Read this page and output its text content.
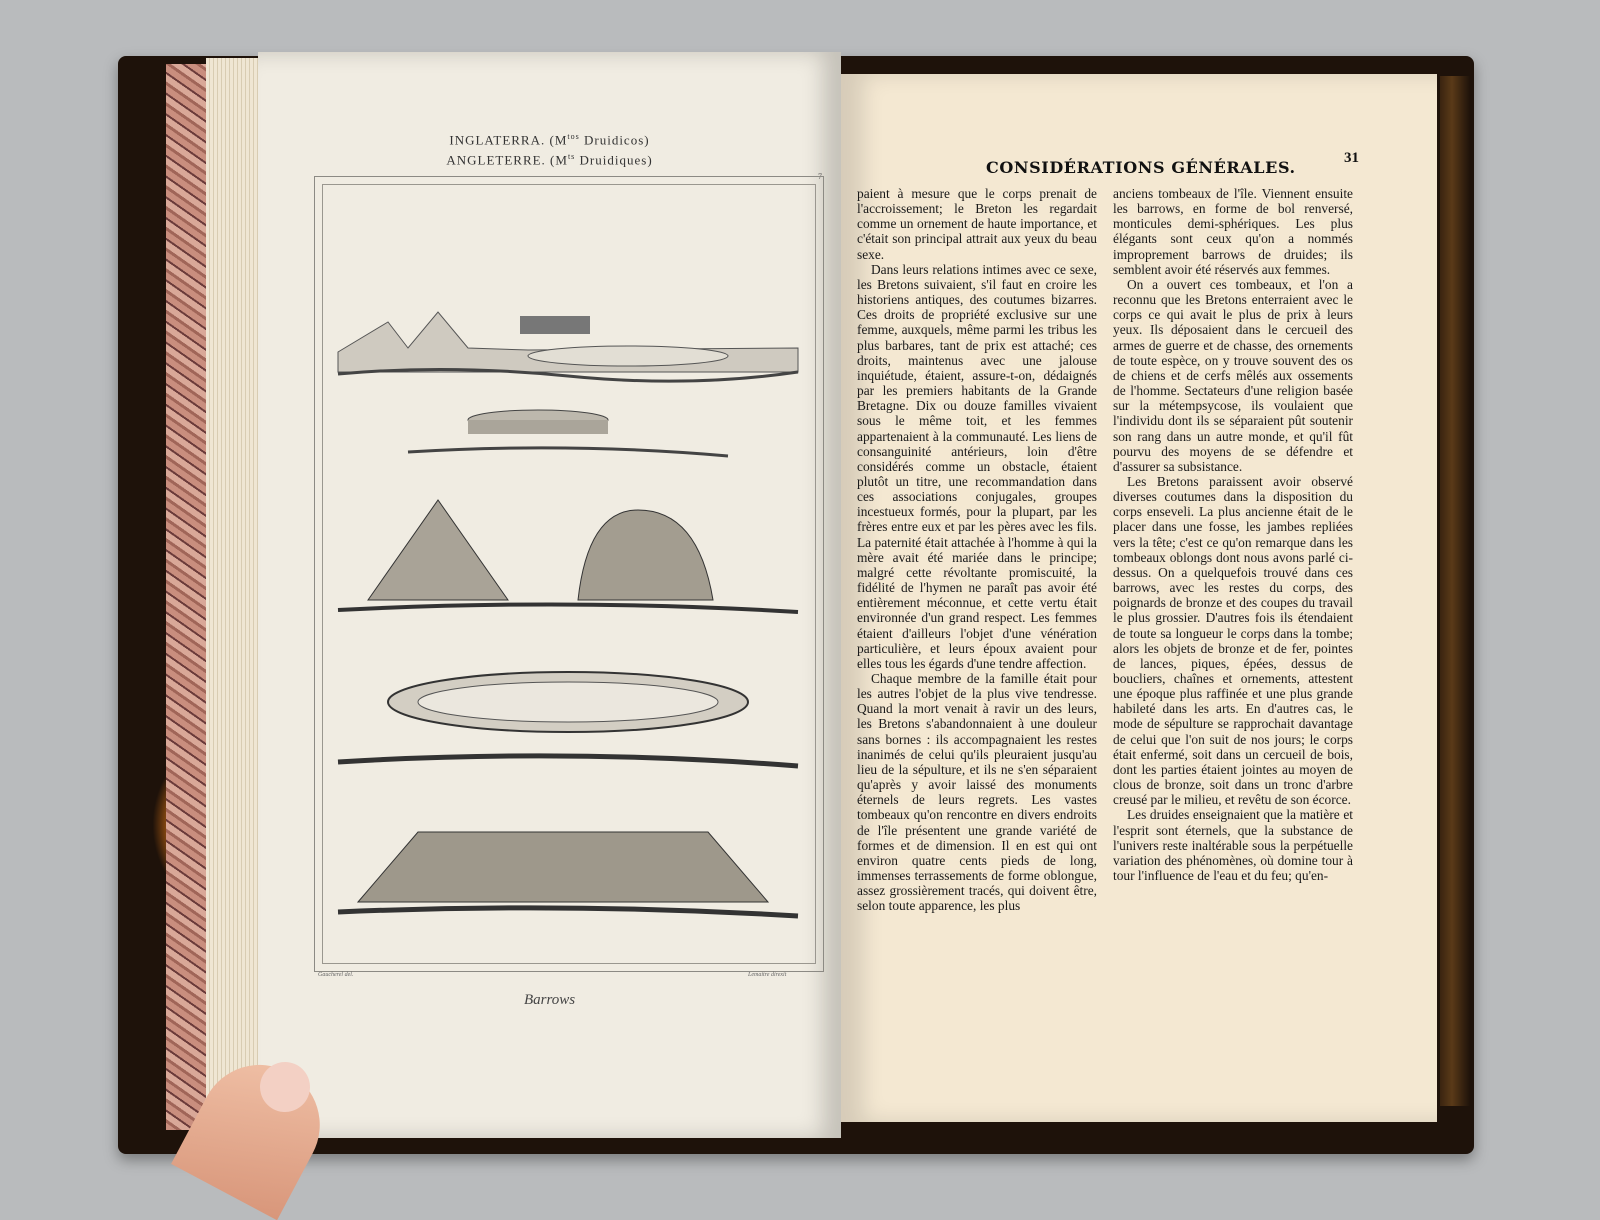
INGLATERRA. ($M^{tos}$ Druidicos)
ANGLETERRE. ($M^{ts}$ Druidiques)
7
Gaucherel del.	Lemaitre direxit
Barrows
CONSIDÉRATIONS GÉNÉRALES.	31

paient à mesure que le corps prenait de l'accroissement; le Breton les regardait comme un ornement de haute importance, et c'était son principal attrait aux yeux du beau sexe.

Dans leurs relations intimes avec ce sexe, les Bretons suivaient, s'il faut en croire les historiens antiques, des coutumes bizarres. Ces droits de propriété exclusive sur une femme, auxquels, même parmi les tribus les plus barbares, tant de prix est attaché; ces droits, maintenus avec une jalouse inquiétude, étaient, assure-t-on, dédaignés par les premiers habitants de la Grande Bretagne. Dix ou douze familles vivaient sous le même toit, et les femmes appartenaient à la communauté. Les liens de consanguinité antérieurs, loin d'être considérés comme un obstacle, étaient plutôt un titre, une recommandation dans ces associations conjugales, groupes incestueux formés, pour la plupart, par les frères entre eux et par les pères avec les fils. La paternité était attachée à l'homme à qui la mère avait été mariée dans le principe; malgré cette révoltante promiscuité, la fidélité de l'hymen ne paraît pas avoir été entièrement méconnue, et cette vertu était environnée d'un grand respect. Les femmes étaient d'ailleurs l'objet d'une vénération particulière, et leurs époux avaient pour elles tous les égards d'une tendre affection.

Chaque membre de la famille était pour les autres l'objet de la plus vive tendresse. Quand la mort venait à ravir un des leurs, les Bretons s'abandonnaient à une douleur sans bornes : ils accompagnaient les restes inanimés de celui qu'ils pleuraient jusqu'au lieu de la sépulture, et ils ne s'en séparaient qu'après y avoir laissé des monuments éternels de leurs regrets. Les vastes tombeaux qu'on rencontre en divers endroits de l'île présentent une grande variété de formes et de dimension. Il en est qui ont environ quatre cents pieds de long, immenses terrassements de forme oblongue, assez grossièrement tracés, qui doivent être, selon toute apparence, les plus

anciens tombeaux de l'île. Viennent ensuite les barrows, en forme de bol renversé, monticules demi-sphériques. Les plus élégants sont ceux qu'on a nommés improprement barrows de druides; ils semblent avoir été réservés aux femmes.

On a ouvert ces tombeaux, et l'on a reconnu que les Bretons enterraient avec le corps ce qui avait le plus de prix à leurs yeux. Ils déposaient dans le cercueil des armes de guerre et de chasse, des ornements de toute espèce, on y trouve souvent des os de chiens et de cerfs mêlés aux ossements de l'homme. Sectateurs d'une religion basée sur la métempsycose, ils voulaient que l'individu dont ils se séparaient pût soutenir son rang dans un autre monde, et qu'il fût pourvu des moyens de se défendre et d'assurer sa subsistance.

Les Bretons paraissent avoir observé diverses coutumes dans la disposition du corps enseveli. La plus ancienne était de le placer dans une fosse, les jambes repliées vers la tête; c'est ce qu'on remarque dans les tombeaux oblongs dont nous avons parlé ci-dessus. On a quelquefois trouvé dans ces barrows, avec les restes du corps, des poignards de bronze et des coupes du travail le plus grossier. D'autres fois ils étendaient de toute sa longueur le corps dans la tombe; alors les objets de bronze et de fer, pointes de lances, piques, épées, dessus de boucliers, chaînes et ornements, attestent une époque plus raffinée et une plus grande habileté dans les arts. En d'autres cas, le mode de sépulture se rapprochait davantage de celui que l'on suit de nos jours; le corps était enfermé, soit dans un cercueil de bois, dont les parties étaient jointes au moyen de clous de bronze, soit dans un tronc d'arbre creusé par le milieu, et revêtu de son écorce.

Les druides enseignaient que la matière et l'esprit sont éternels, que la substance de l'univers reste inaltérable sous la perpétuelle variation des phénomènes, où domine tour à tour l'influence de l'eau et du feu; qu'en-
